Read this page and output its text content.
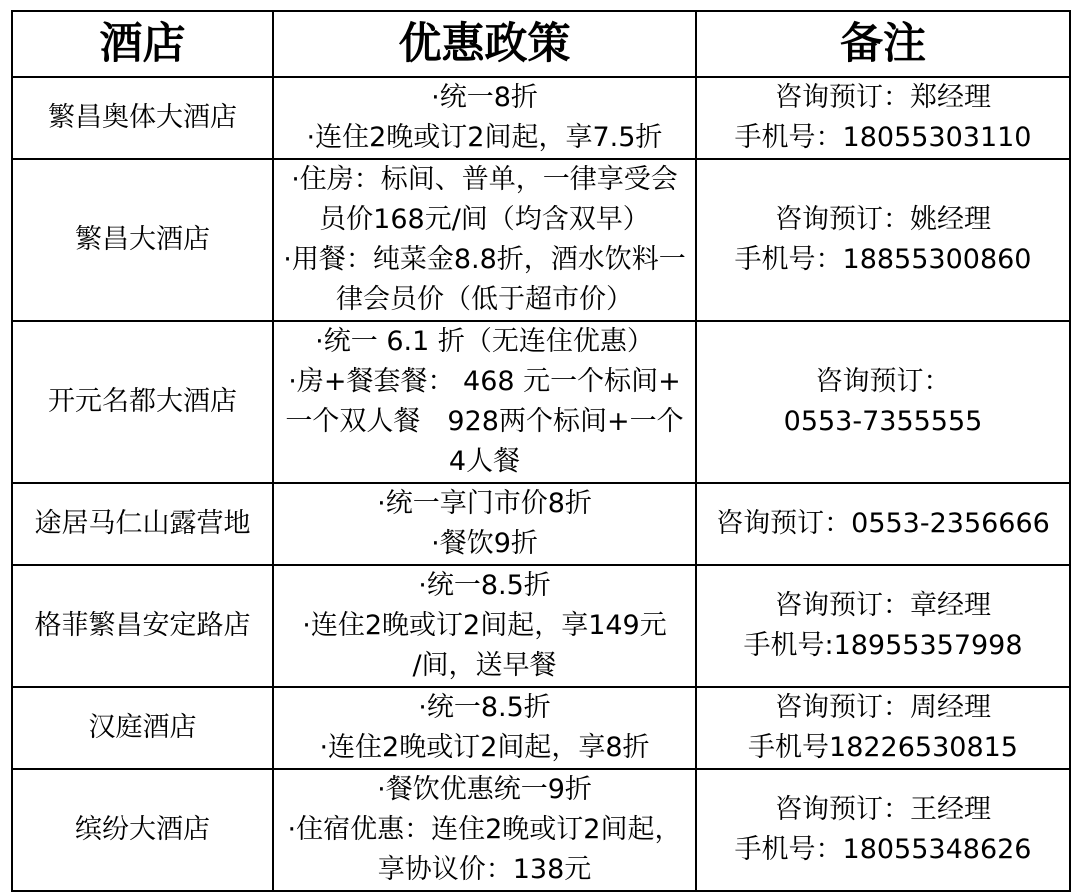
酒店	优惠政策	备注
繁昌奥体大酒店	·统一8折
·连住2晚或订2间起，享7.5折	咨询预订：郑经理
手机号：18055303110

繁昌大酒店	·住房：标间、普单，一律享受会
员价168元/间（均含双早）
·用餐：纯菜金8.8折，酒水饮料一
律会员价（低于超市价）	咨询预订：姚经理
手机号：18855300860

开元名都大酒店	·统一 6.1 折（无连住优惠）
·房+餐套餐： 468 元一个标间+
一个双人餐　928两个标间+一个
4人餐	咨询预订：
0553-7355555

途居马仁山露营地	·统一享门市价8折
·餐饮9折	咨询预订：0553-2356666

格菲繁昌安定路店	·统一8.5折
·连住2晚或订2间起，享149元
/间，送早餐	咨询预订：章经理
手机号:18955357998

汉庭酒店	·统一8.5折
·连住2晚或订2间起，享8折	咨询预订：周经理
手机号18226530815

缤纷大酒店	·餐饮优惠统一9折
·住宿优惠：连住2晚或订2间起，
享协议价：138元	咨询预订：王经理
手机号：18055348626
